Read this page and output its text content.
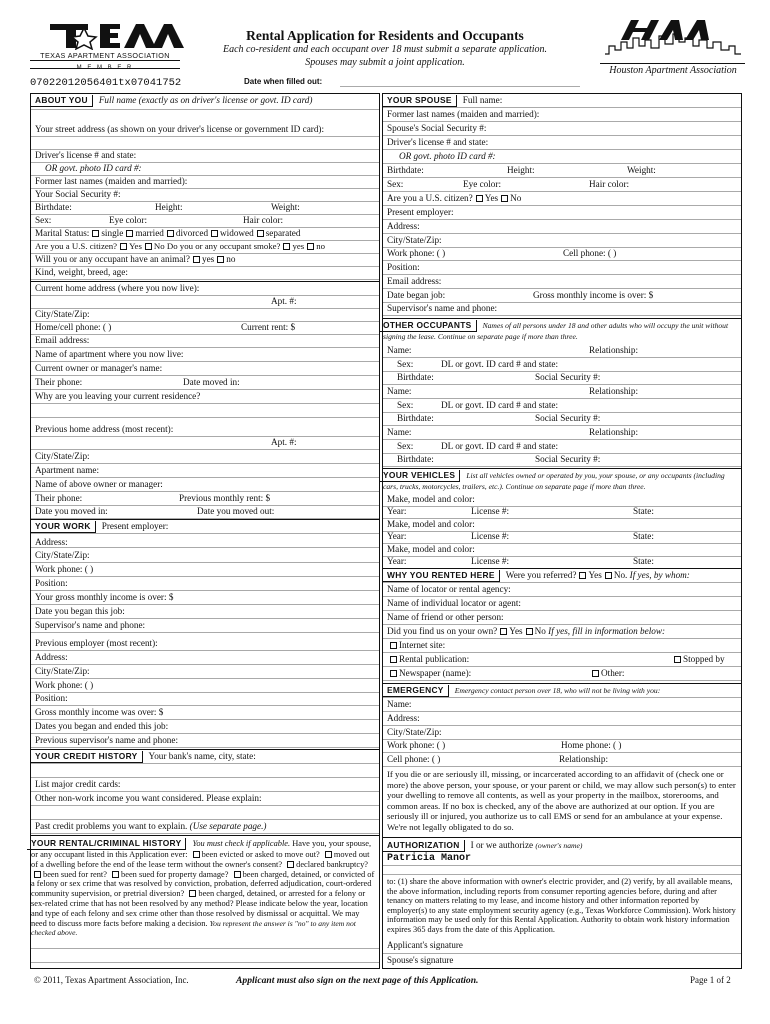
TEXAS APARTMENT ASSOCIATION
M E M B E R
Rental Application for Residents and Occupants
Each co-resident and each occupant over 18 must submit a separate application.
Spouses may submit a joint application.
Houston Apartment Association
07022012056401tx07041752	Date when filled out:
ABOUT YOU Full name (exactly as on driver's license or govt. ID card)
Your street address (as shown on your driver's license or government ID card):
Driver's license # and state:
OR govt. photo ID card #:
Former last names (maiden and married):
Your Social Security #:
Birthdate:	Height:	Weight:
Sex:	Eye color:	Hair color:
Marital Status: single married divorced widowed separated
Are you a U.S. citizen? Yes No Do you or any occupant smoke? yes no
Will you or any occupant have an animal? yes no
Kind, weight, breed, age:
Current home address (where you now live):
Apt. #:
City/State/Zip:
Home/cell phone: ( )	Current rent: $
Email address:
Name of apartment where you now live:
Current owner or manager's name:
Their phone:	Date moved in:
Why are you leaving your current residence?
Previous home address (most recent):
Apt. #:
City/State/Zip:
Apartment name:
Name of above owner or manager:
Their phone:	Previous monthly rent: $
Date you moved in:	Date you moved out:
YOUR WORK Present employer:
Address:
City/State/Zip:
Work phone: ( )
Position:
Your gross monthly income is over: $
Date you began this job:
Supervisor's name and phone:
Previous employer (most recent):
Address:
City/State/Zip:
Work phone: ( )
Position:
Gross monthly income was over: $
Dates you began and ended this job:
Previous supervisor's name and phone:
YOUR CREDIT HISTORY Your bank's name, city, state:
List major credit cards:
Other non-work income you want considered. Please explain:
Past credit problems you want to explain. (Use separate page.)
YOUR RENTAL/CRIMINAL HISTORY You must check if applicable. Have you, your spouse, or any occupant listed in this Application ever: been evicted or asked to move out? moved out of a dwelling before the end of the lease term without the owner's consent? declared bankruptcy? been sued for rent? been sued for property damage? been charged, detained, or convicted of a felony or sex crime that was resolved by conviction, probation, deferred adjudication, court-ordered community supervision, or pretrial diversion? been charged, detained, or arrested for a felony or sex-related crime that has not been resolved by any method? Please indicate below the year, location and type of each felony and sex crime other than those resolved by dismissal or acquittal. We may need to discuss more facts before making a decision. You represent the answer is "no" to any item not checked above.
YOUR SPOUSE Full name:
Former last names (maiden and married):
Spouse's Social Security #:
Driver's license # and state:
OR govt. photo ID card #:
Birthdate:	Height:	Weight:
Sex:	Eye color:	Hair color:
Are you a U.S. citizen? Yes No
Present employer:
Address:
City/State/Zip:
Work phone: ( )	Cell phone: ( )
Position:
Email address:
Date began job:	Gross monthly income is over: $
Supervisor's name and phone:
OTHER OCCUPANTS Names of all persons under 18 and other adults who will occupy the unit without signing the lease. Continue on separate page if more than three.
Name:	Relationship:
Sex:	DL or govt. ID card # and state:
Birthdate:	Social Security #:
Name:	Relationship:
Sex:	DL or govt. ID card # and state:
Birthdate:	Social Security #:
Name:	Relationship:
Sex:	DL or govt. ID card # and state:
Birthdate:	Social Security #:
YOUR VEHICLES List all vehicles owned or operated by you, your spouse, or any occupants (including cars, trucks, motorcycles, trailers, etc.). Continue on separate page if more than three.
Make, model and color:
Year:	License #:	State:
Make, model and color:
Year:	License #:	State:
Make, model and color:
Year:	License #:	State:
WHY YOU RENTED HERE Were you referred? Yes No. If yes, by whom:
Name of locator or rental agency:
Name of individual locator or agent:
Name of friend or other person:
Did you find us on your own? Yes No If yes, fill in information below:
Internet site:
Rental publication:	Stopped by
Newspaper (name):	Other:
EMERGENCY Emergency contact person over 18, who will not be living with you:
Name:
Address:
City/State/Zip:
Work phone: ( )	Home phone: ( )
Cell phone: ( )	Relationship:
If you die or are seriously ill, missing, or incarcerated according to an affidavit of (check one or more) the above person, your spouse, or your parent or child, we may allow such person(s) to enter your dwelling to remove all contents, as well as your property in the mailbox, storerooms, and common areas. If no box is checked, any of the above are authorized at our option. If you are seriously ill or injured, you authorize us to call EMS or send for an ambulance at your expense. We're not legally obligated to do so.
AUTHORIZATION I or we authorize (owner's name)
Patricia Manor
to: (1) share the above information with owner's electric provider, and (2) verify, by all available means, the above information, including reports from consumer reporting agencies before, during and after tenancy on matters relating to my lease, and income history and other information reported by employer(s) to any state employment security agency (e.g., Texas Workforce Commission). Work history information may be used only for this Rental Application. Authority to obtain work history information expires 365 days from the date of this Application.
Applicant's signature
Spouse's signature
© 2011, Texas Apartment Association, Inc.	Applicant must also sign on the next page of this Application.	Page 1 of 2
